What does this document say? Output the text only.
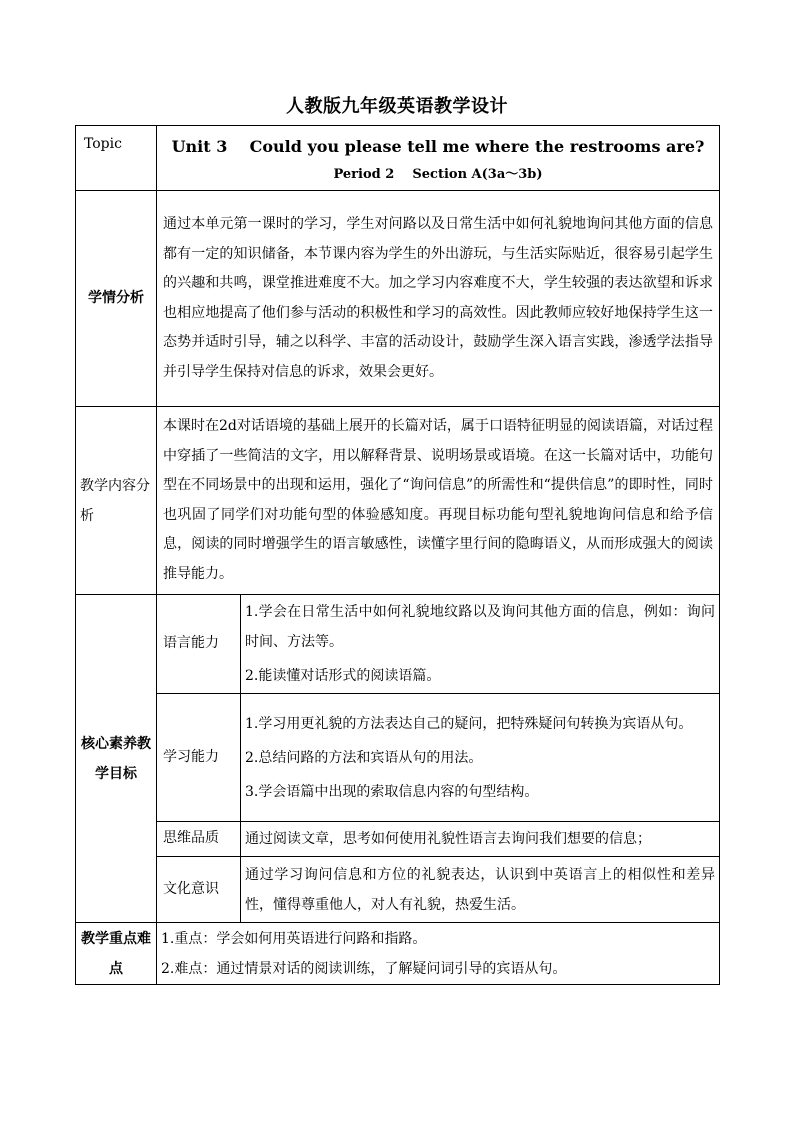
人教版九年级英语教学设计
Topic	Unit 3    Could you please tell me where the restrooms are?
Period 2    Section A(3a～3b)	

学情分析	通过本单元第一课时的学习，学生对问路以及日常生活中如何礼貌地询问其他方面的信息都有一定的知识储备，本节课内容为学生的外出游玩，与生活实际贴近，很容易引起学生的兴趣和共鸣，课堂推进难度不大。加之学习内容难度不大，学生较强的表达欲望和诉求也相应地提高了他们参与活动的积极性和学习的高效性。因此教师应较好地保持学生这一态势并适时引导，辅之以科学、丰富的活动设计，鼓励学生深入语言实践，渗透学法指导并引导学生保持对信息的诉求，效果会更好。	

教学内容分析	本课时在2d对话语境的基础上展开的长篇对话，属于口语特征明显的阅读语篇，对话过程中穿插了一些简洁的文字，用以解释背景、说明场景或语境。在这一长篇对话中，功能句型在不同场景中的出现和运用，强化了“询问信息”的所需性和“提供信息”的即时性，同时也巩固了同学们对功能句型的体验感知度。再现目标功能句型礼貌地询问信息和给予信息，阅读的同时增强学生的语言敏感性，读懂字里行间的隐晦语义，从而形成强大的阅读推导能力。	

核心素养教学目标	语言能力	1.学会在日常生活中如何礼貌地纹路以及询问其他方面的信息，例如：询问时间、方法等。
2.能读懂对话形式的阅读语篇。

	学习能力	1.学习用更礼貌的方法表达自己的疑问，把特殊疑问句转换为宾语从句。
2.总结问路的方法和宾语从句的用法。
3.学会语篇中出现的索取信息内容的句型结构。

	思维品质	通过阅读文章，思考如何使用礼貌性语言去询问我们想要的信息；

	文化意识	通过学习询问信息和方位的礼貌表达，认识到中英语言上的相似性和差异性，懂得尊重他人，对人有礼貌，热爱生活。

教学重点难点	1.重点：学会如何用英语进行问路和指路。
2.难点：通过情景对话的阅读训练，了解疑问词引导的宾语从句。	
